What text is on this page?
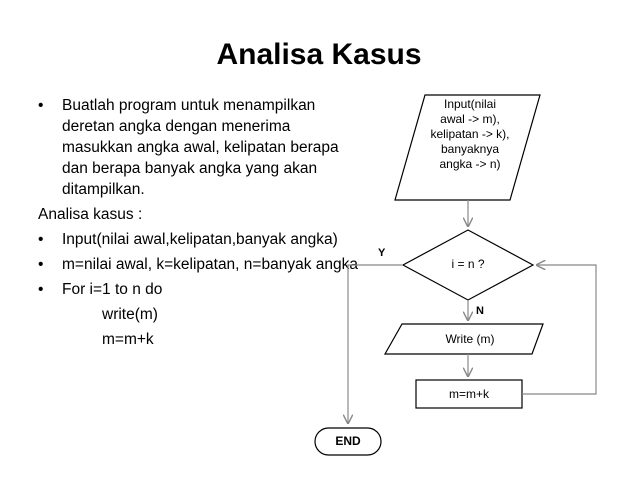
Analisa Kasus
• Buatlah program untuk menampilkan deretan angka dengan menerima masukkan angka awal, kelipatan berapa dan berapa banyak angka yang akan ditampilkan.
Analisa kasus :
• Input(nilai awal,kelipatan,banyak angka)
• m=nilai awal, k=kelipatan, n=banyak angka
• For i=1 to n do
write(m)
m=m+k
Input(nilai
awal -> m),
kelipatan -> k),
banyaknya
angka -> n)
i = n ?
Write (m)
m=m+k
END
Y
N
